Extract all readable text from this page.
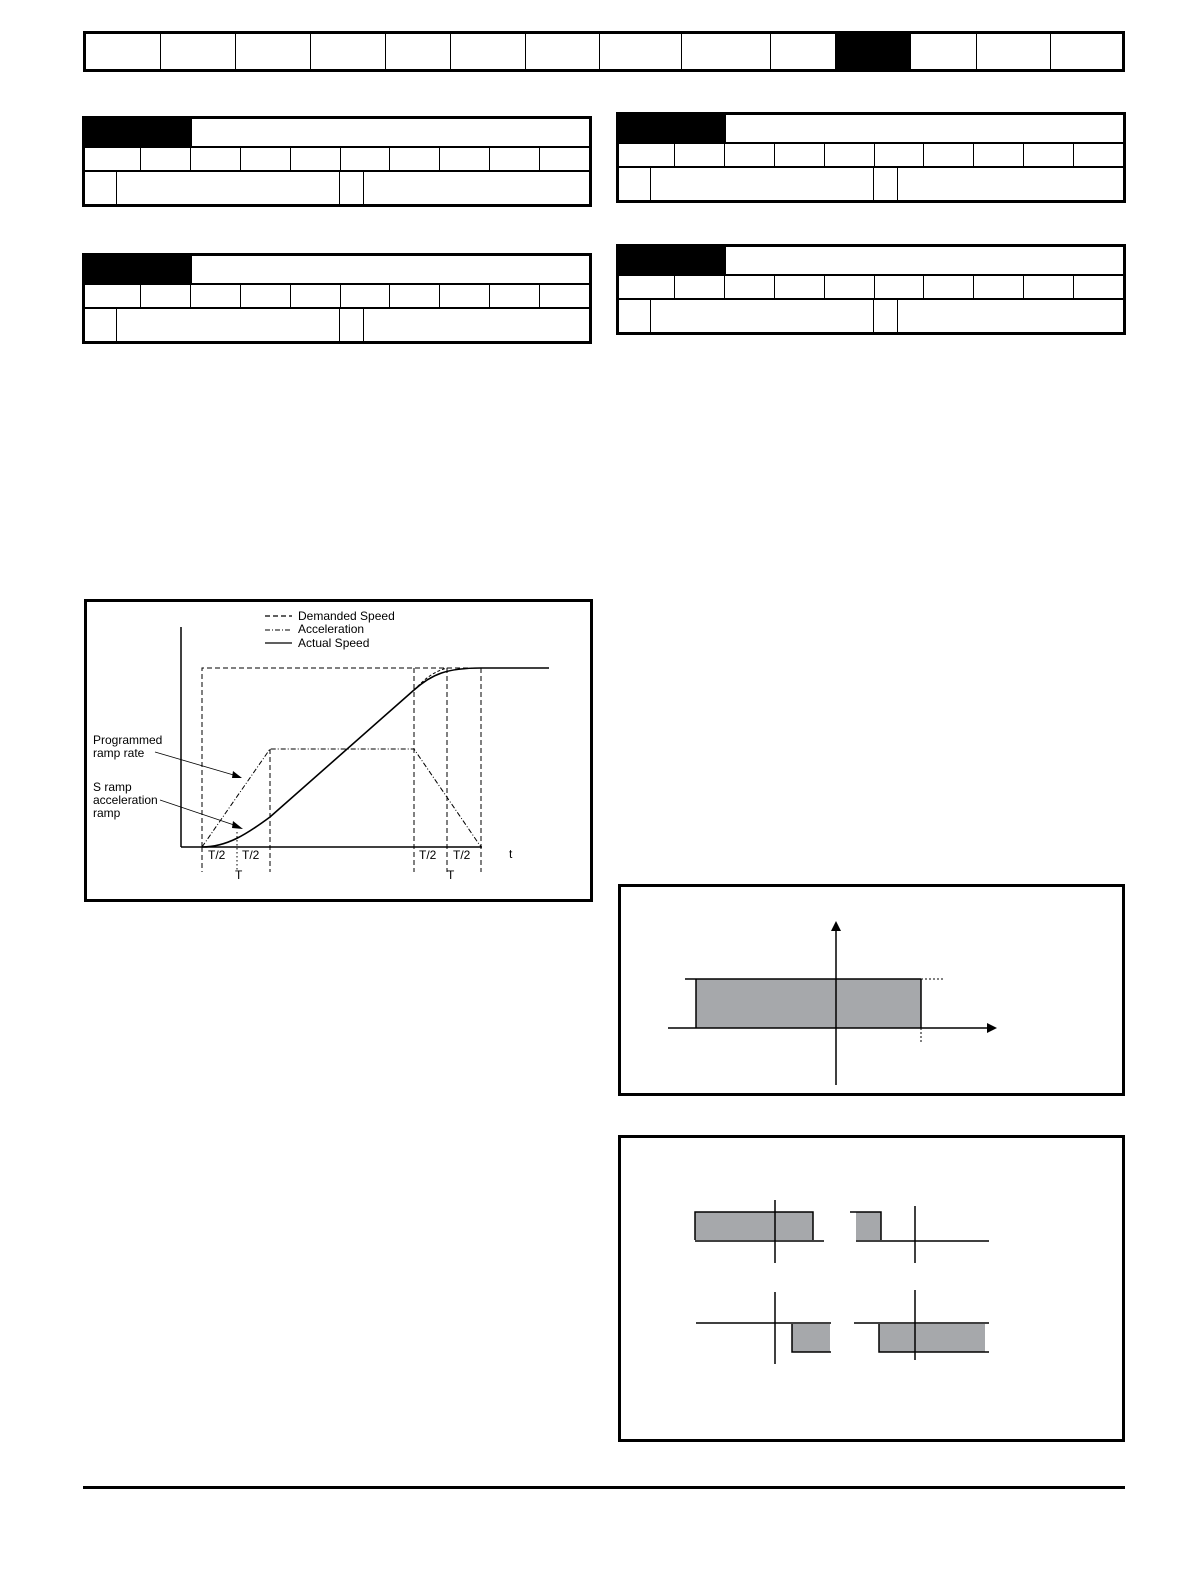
Demanded Speed
Acceleration
Actual Speed
t
Programmed
ramp rate
S ramp
acceleration
ramp
T/2 T/2	T/2 T/2
T	T
